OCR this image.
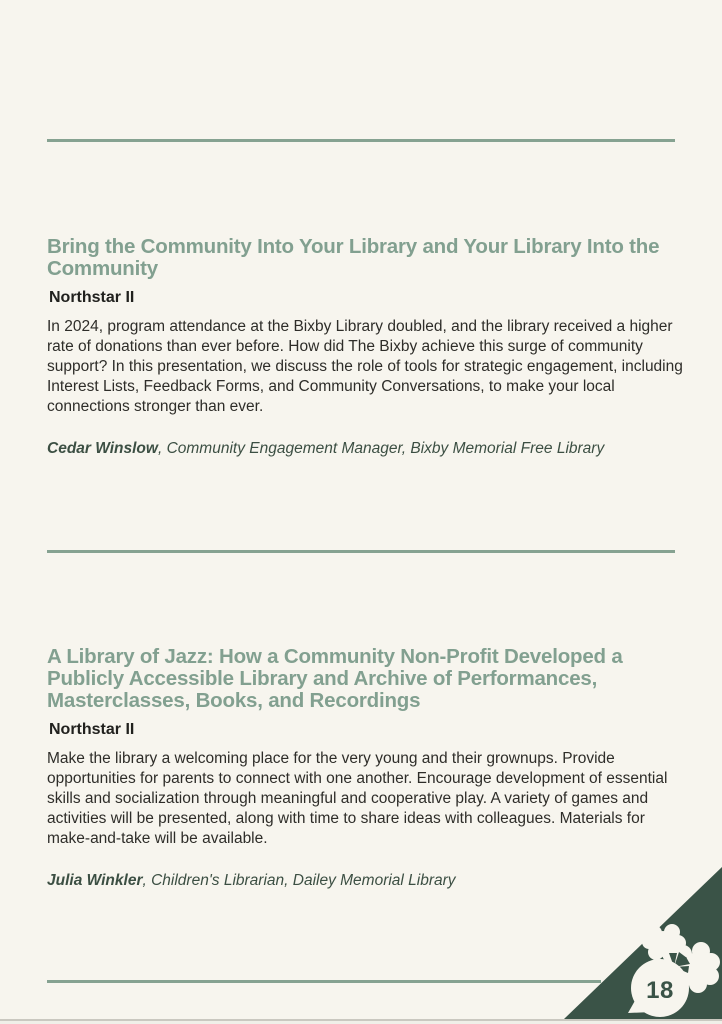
Bring the Community Into Your Library and Your Library Into the Community
Northstar II

In 2024, program attendance at the Bixby Library doubled, and the library received a higher rate of donations than ever before. How did The Bixby achieve this surge of community support? In this presentation, we discuss the role of tools for strategic engagement, including Interest Lists, Feedback Forms, and Community Conversations, to make your local connections stronger than ever.

Cedar Winslow, Community Engagement Manager, Bixby Memorial Free Library

A Library of Jazz: How a Community Non-Profit Developed a Publicly Accessible Library and Archive of Performances, Masterclasses, Books, and Recordings
Northstar II

Make the library a welcoming place for the very young and their grownups. Provide opportunities for parents to connect with one another. Encourage development of essential skills and socialization through meaningful and cooperative play. A variety of games and activities will be presented, along with time to share ideas with colleagues. Materials for make-and-take will be available.

Julia Winkler, Children's Librarian, Dailey Memorial Library

18
